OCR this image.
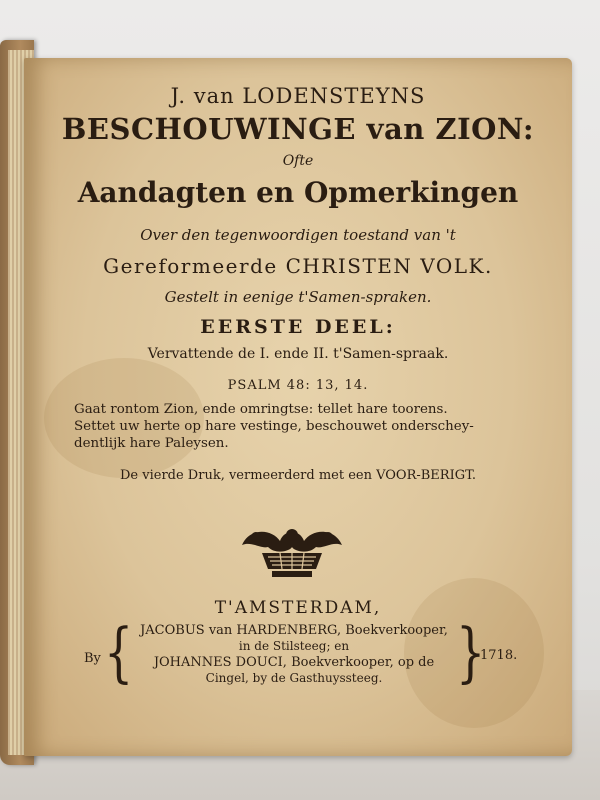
J. van LODENSTEYNS
BESCHOUWINGE van ZION:
Ofte
Aandagten en Opmerkingen
Over den tegenwoordigen toestand van 't
Gereformeerde CHRISTEN VOLK.
Gestelt in eenige t'Samen-spraken.
EERSTE DEEL:
Vervattende de I. ende II. t'Samen-spraak.
PSALM 48: 13, 14.
Gaat rontom Zion, ende omringtse: tellet hare toorens.
Settet uw herte op hare vestinge, beschouwet onderschey-
dentlijk hare Paleysen.
De vierde Druk, vermeerderd met een VOOR-BERIGT.
T'AMSTERDAM,
By { JACOBUS van HARDENBERG, Boekverkooper,
in de Stilsteeg; en
JOHANNES DOUCI, Boekverkooper, op de
Cingel, by de Gasthuyssteeg.	}
1718.
